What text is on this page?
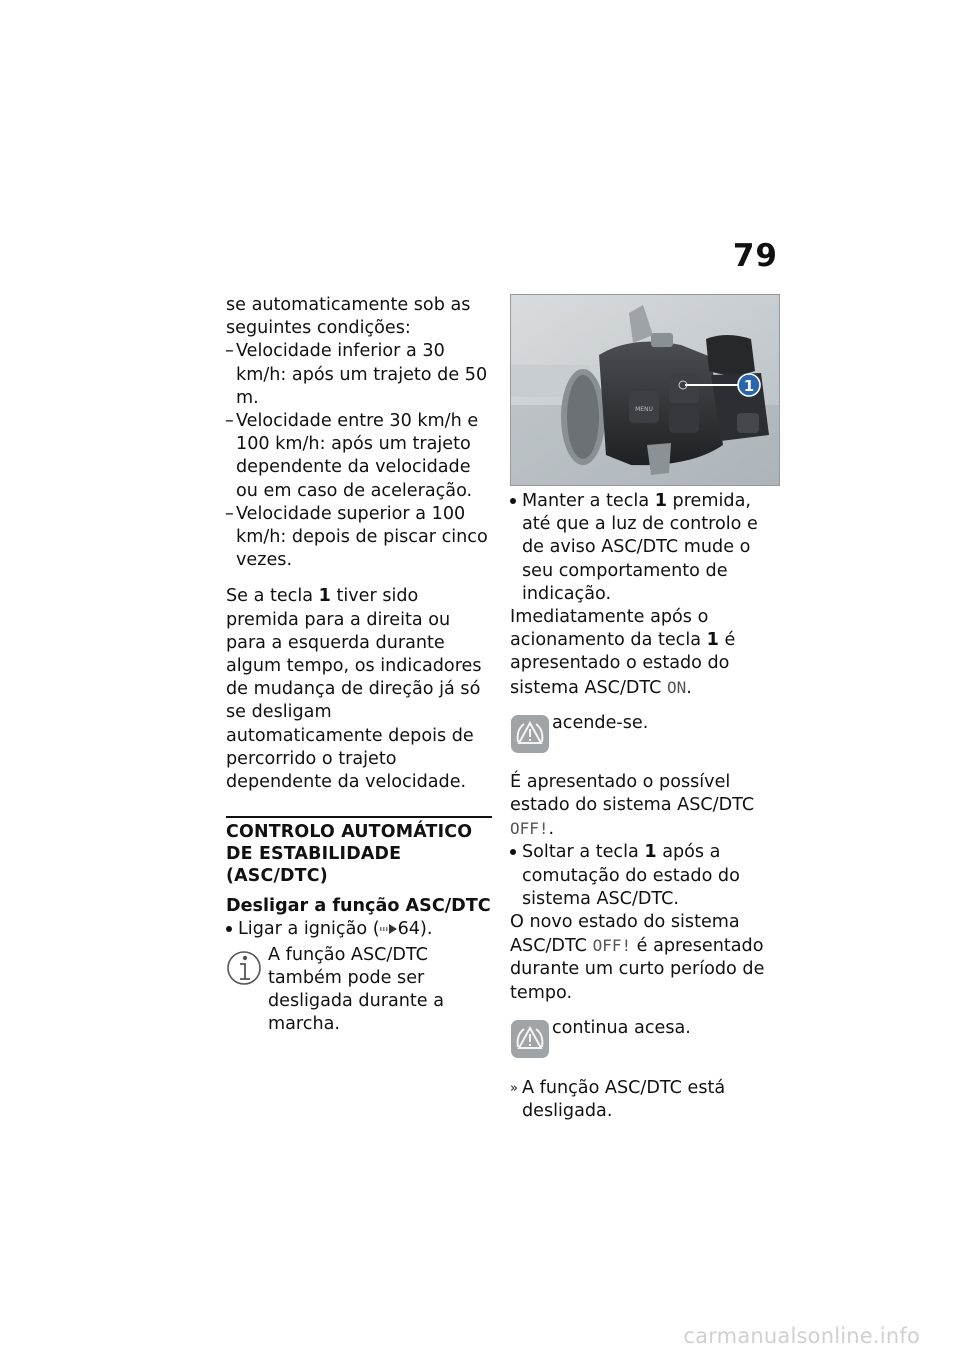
79

se automaticamente sob as seguintes condições:

– Velocidade inferior a 30 km/h: após um trajeto de 50 m.
– Velocidade entre 30 km/h e 100 km/h: após um trajeto dependente da velocidade ou em caso de aceleração.
– Velocidade superior a 100 km/h: depois de piscar cinco vezes.

Se a tecla 1 tiver sido premida para a direita ou para a esquerda durante algum tempo, os indicadores de mudança de direção já só se desligam automaticamente depois de percorrido o trajeto dependente da velocidade.

CONTROLO AUTOMÁTICO DE ESTABILIDADE (ASC/DTC)
Desligar a função ASC/DTC
Ligar a ignição ( 64).
A função ASC/DTC também pode ser desligada durante a marcha.
MENU
1
Manter a tecla 1 premida, até que a luz de controlo e de aviso ASC/DTC mude o seu comportamento de indicação.

Imediatamente após o acionamento da tecla 1 é apresentado o estado do sistema ASC/DTC ON.

acende-se.

É apresentado o possível estado do sistema ASC/DTC OFF!.

Soltar a tecla 1 após a comutação do estado do sistema ASC/DTC.

O novo estado do sistema ASC/DTC OFF! é apresentado durante um curto período de tempo.

continua acesa.
» A função ASC/DTC está desligada.
carmanualsonline.info
